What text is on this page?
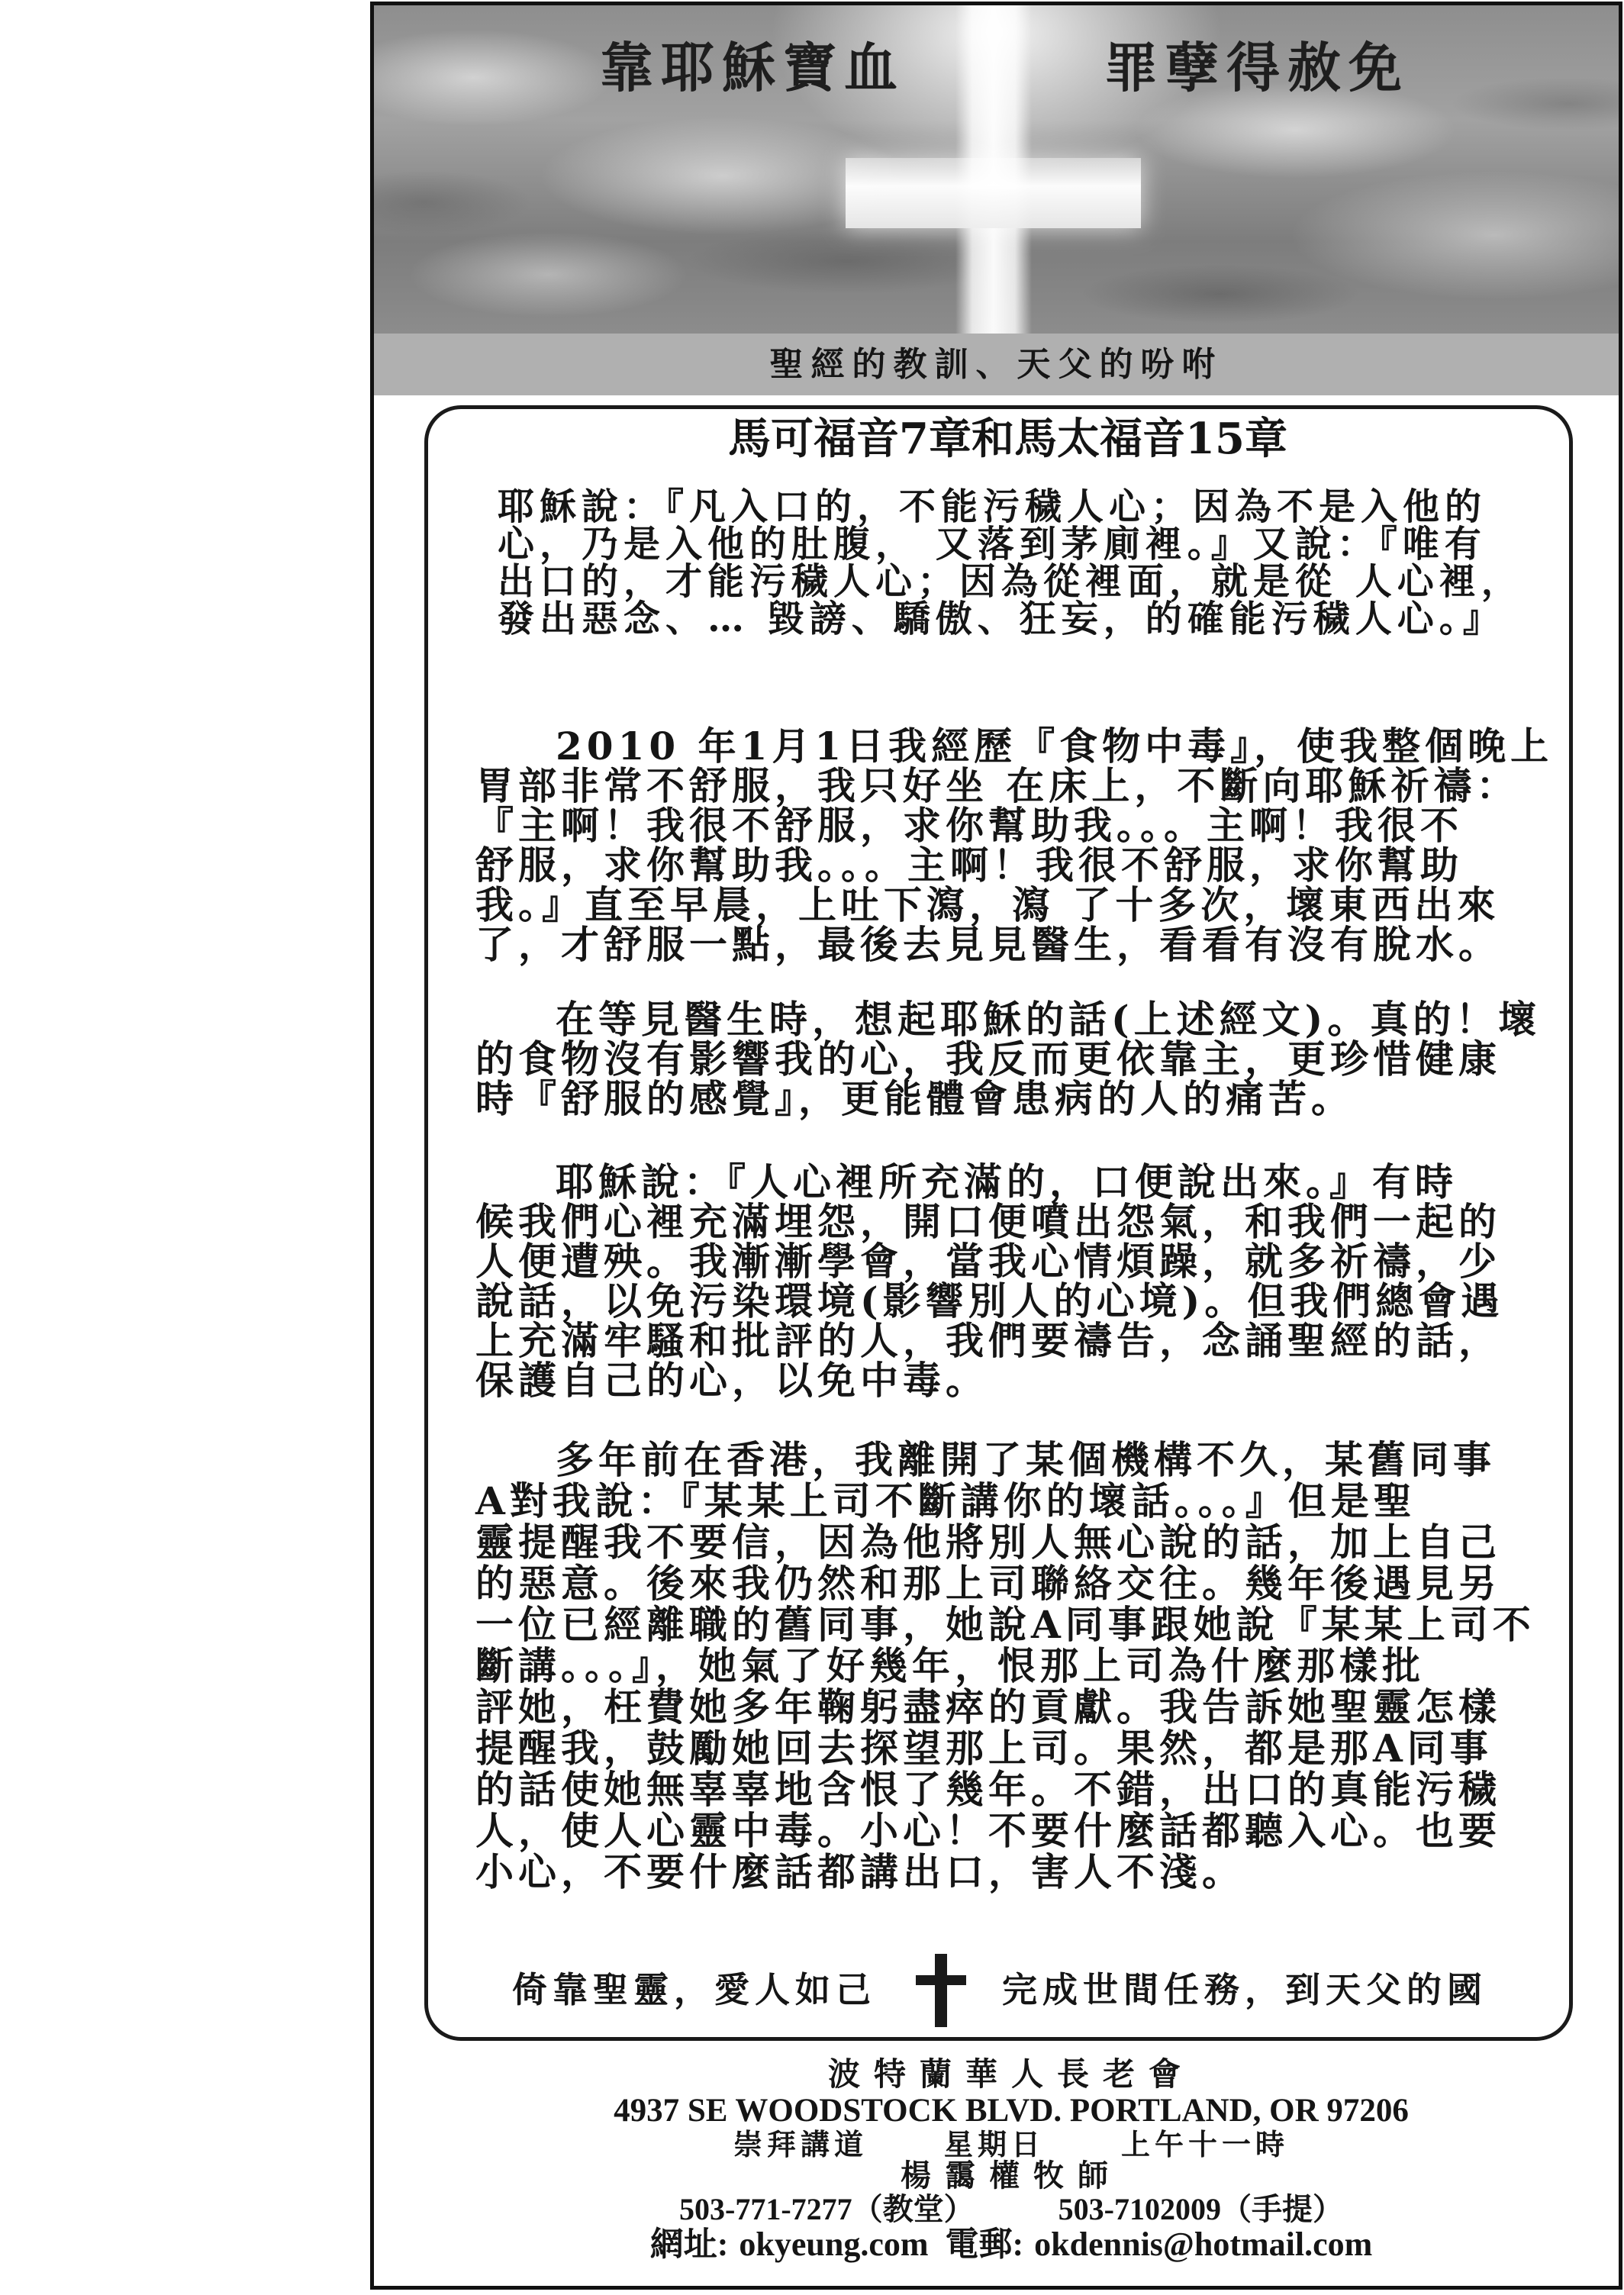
靠耶穌寶血	罪孽得赦免
聖經的教訓、天父的吩咐
馬可福音7章和馬太福音15章
耶穌說：『凡入口的，不能污穢人心；因為不是入他的
心，乃是入他的肚腹， 又落到茅廁裡。』又說：『唯有
出口的，才能污穢人心；因為從裡面，就是從 人心裡，
發出惡念、… 毀謗、驕傲、狂妄，的確能污穢人心。』
2010 年1月1日我經歷『食物中毒』，使我整個晚上
胃部非常不舒服，我只好坐 在床上，不斷向耶穌祈禱：
『主啊！我很不舒服，求你幫助我。。。主啊！我很不
舒服，求你幫助我。。。主啊！我很不舒服，求你幫助
我。』直至早晨，上吐下瀉，瀉 了十多次，壞東西出來
了，才舒服一點，最後去見見醫生，看看有沒有脫水。
在等見醫生時，想起耶穌的話(上述經文)。真的！壞
的食物沒有影響我的心，我反而更依靠主，更珍惜健康
時『舒服的感覺』，更能體會患病的人的痛苦。
耶穌說：『人心裡所充滿的，口便說出來。』有時
候我們心裡充滿埋怨，開口便噴出怨氣，和我們一起的
人便遭殃。我漸漸學會，當我心情煩躁，就多祈禱，少
說話，以免污染環境(影響別人的心境)。但我們總會遇
上充滿牢騷和批評的人，我們要禱告，念誦聖經的話，
保護自己的心，以免中毒。
多年前在香港，我離開了某個機構不久，某舊同事
A對我說：『某某上司不斷講你的壞話。。。』但是聖
靈提醒我不要信，因為他將別人無心說的話，加上自己
的惡意。後來我仍然和那上司聯絡交往。幾年後遇見另
一位已經離職的舊同事，她說A同事跟她說『某某上司不
斷講。。。』，她氣了好幾年，恨那上司為什麼那樣批
評她，枉費她多年鞠躬盡瘁的貢獻。我告訴她聖靈怎樣
提醒我，鼓勵她回去探望那上司。果然，都是那A同事
的話使她無辜辜地含恨了幾年。不錯，出口的真能污穢
人，使人心靈中毒。小心！不要什麼話都聽入心。也要
小心，不要什麼話都講出口，害人不淺。
倚靠聖靈，愛人如己	完成世間任務，到天父的國
波特蘭華人長老會
4937 SE WOODSTOCK BLVD. PORTLAND, OR 97206
崇拜講道	星期日	上午十一時
楊靄權牧師
503-771-7277（教堂）	503-7102009（手提）
網址: okyeung.com 電郵: okdennis@hotmail.com
